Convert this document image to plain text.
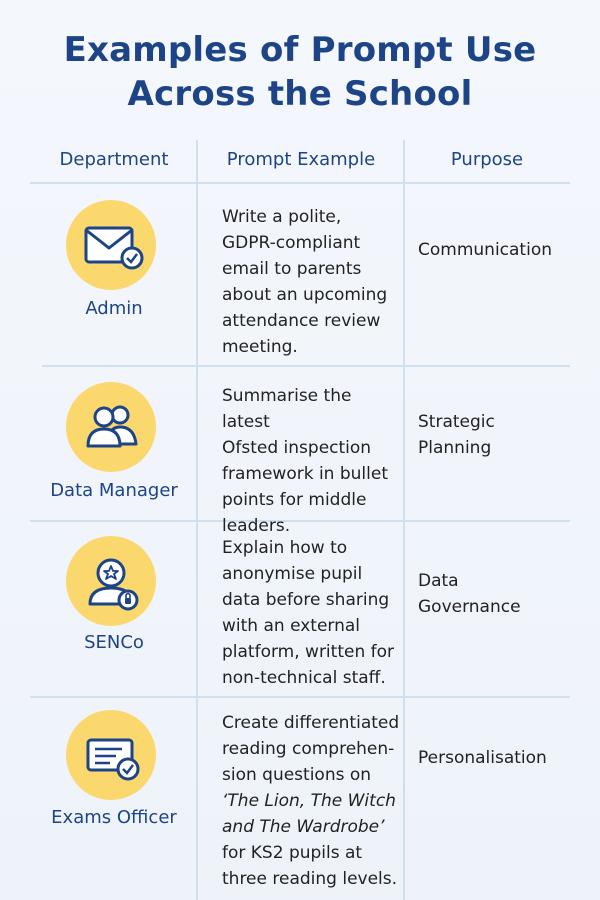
Examples of Prompt Use
Across the School
Department	Prompt Example	Purpose
Admin
Write a polite,
GDPR-compliant
email to parents
about an upcoming
attendance review
meeting.
Communication
Data Manager
Summarise the latest
Ofsted inspection
framework in bullet
points for middle
leaders.
Strategic
Planning
SENCo
Explain how to
anonymise pupil
data before sharing
with an external
platform, written for
non-technical staff.
Data
Governance
Exams Officer
Create differentiated
reading comprehen-
sion questions on
‘The Lion, The Witch
and The Wardrobe’
for KS2 pupils at
three reading levels.
Personalisation
